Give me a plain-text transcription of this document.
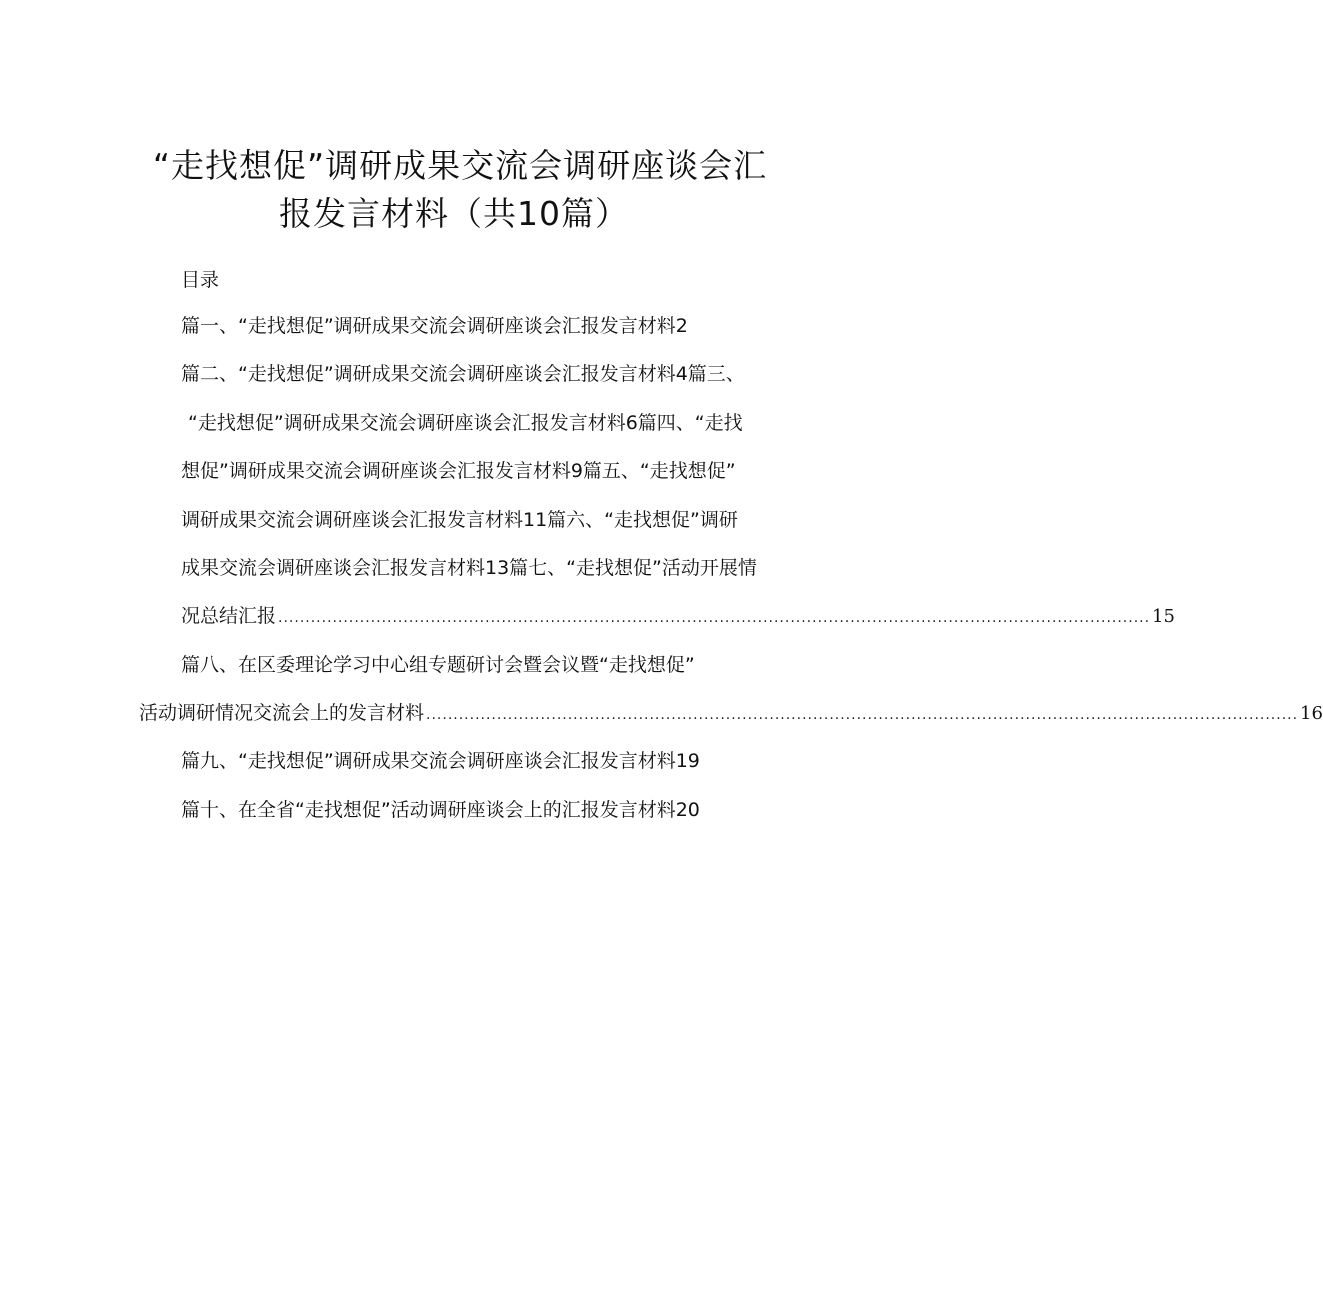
“走找想促”调研成果交流会调研座谈会汇
报发言材料（共10篇）
目录
篇一、“走找想促”调研成果交流会调研座谈会汇报发言材料2
篇二、“走找想促”调研成果交流会调研座谈会汇报发言材料4篇三、
“走找想促”调研成果交流会调研座谈会汇报发言材料6篇四、“走找
想促”调研成果交流会调研座谈会汇报发言材料9篇五、“走找想促”
调研成果交流会调研座谈会汇报发言材料11篇六、“走找想促”调研
成果交流会调研座谈会汇报发言材料13篇七、“走找想促”活动开展情
况总结汇报 ................................................................................................................................................................ 15
篇八、在区委理论学习中心组专题研讨会暨会议暨“走找想促”
活动调研情况交流会上的发言材料 ................................................................................................................................................................ 16
篇九、“走找想促”调研成果交流会调研座谈会汇报发言材料19
篇十、在全省“走找想促”活动调研座谈会上的汇报发言材料20
